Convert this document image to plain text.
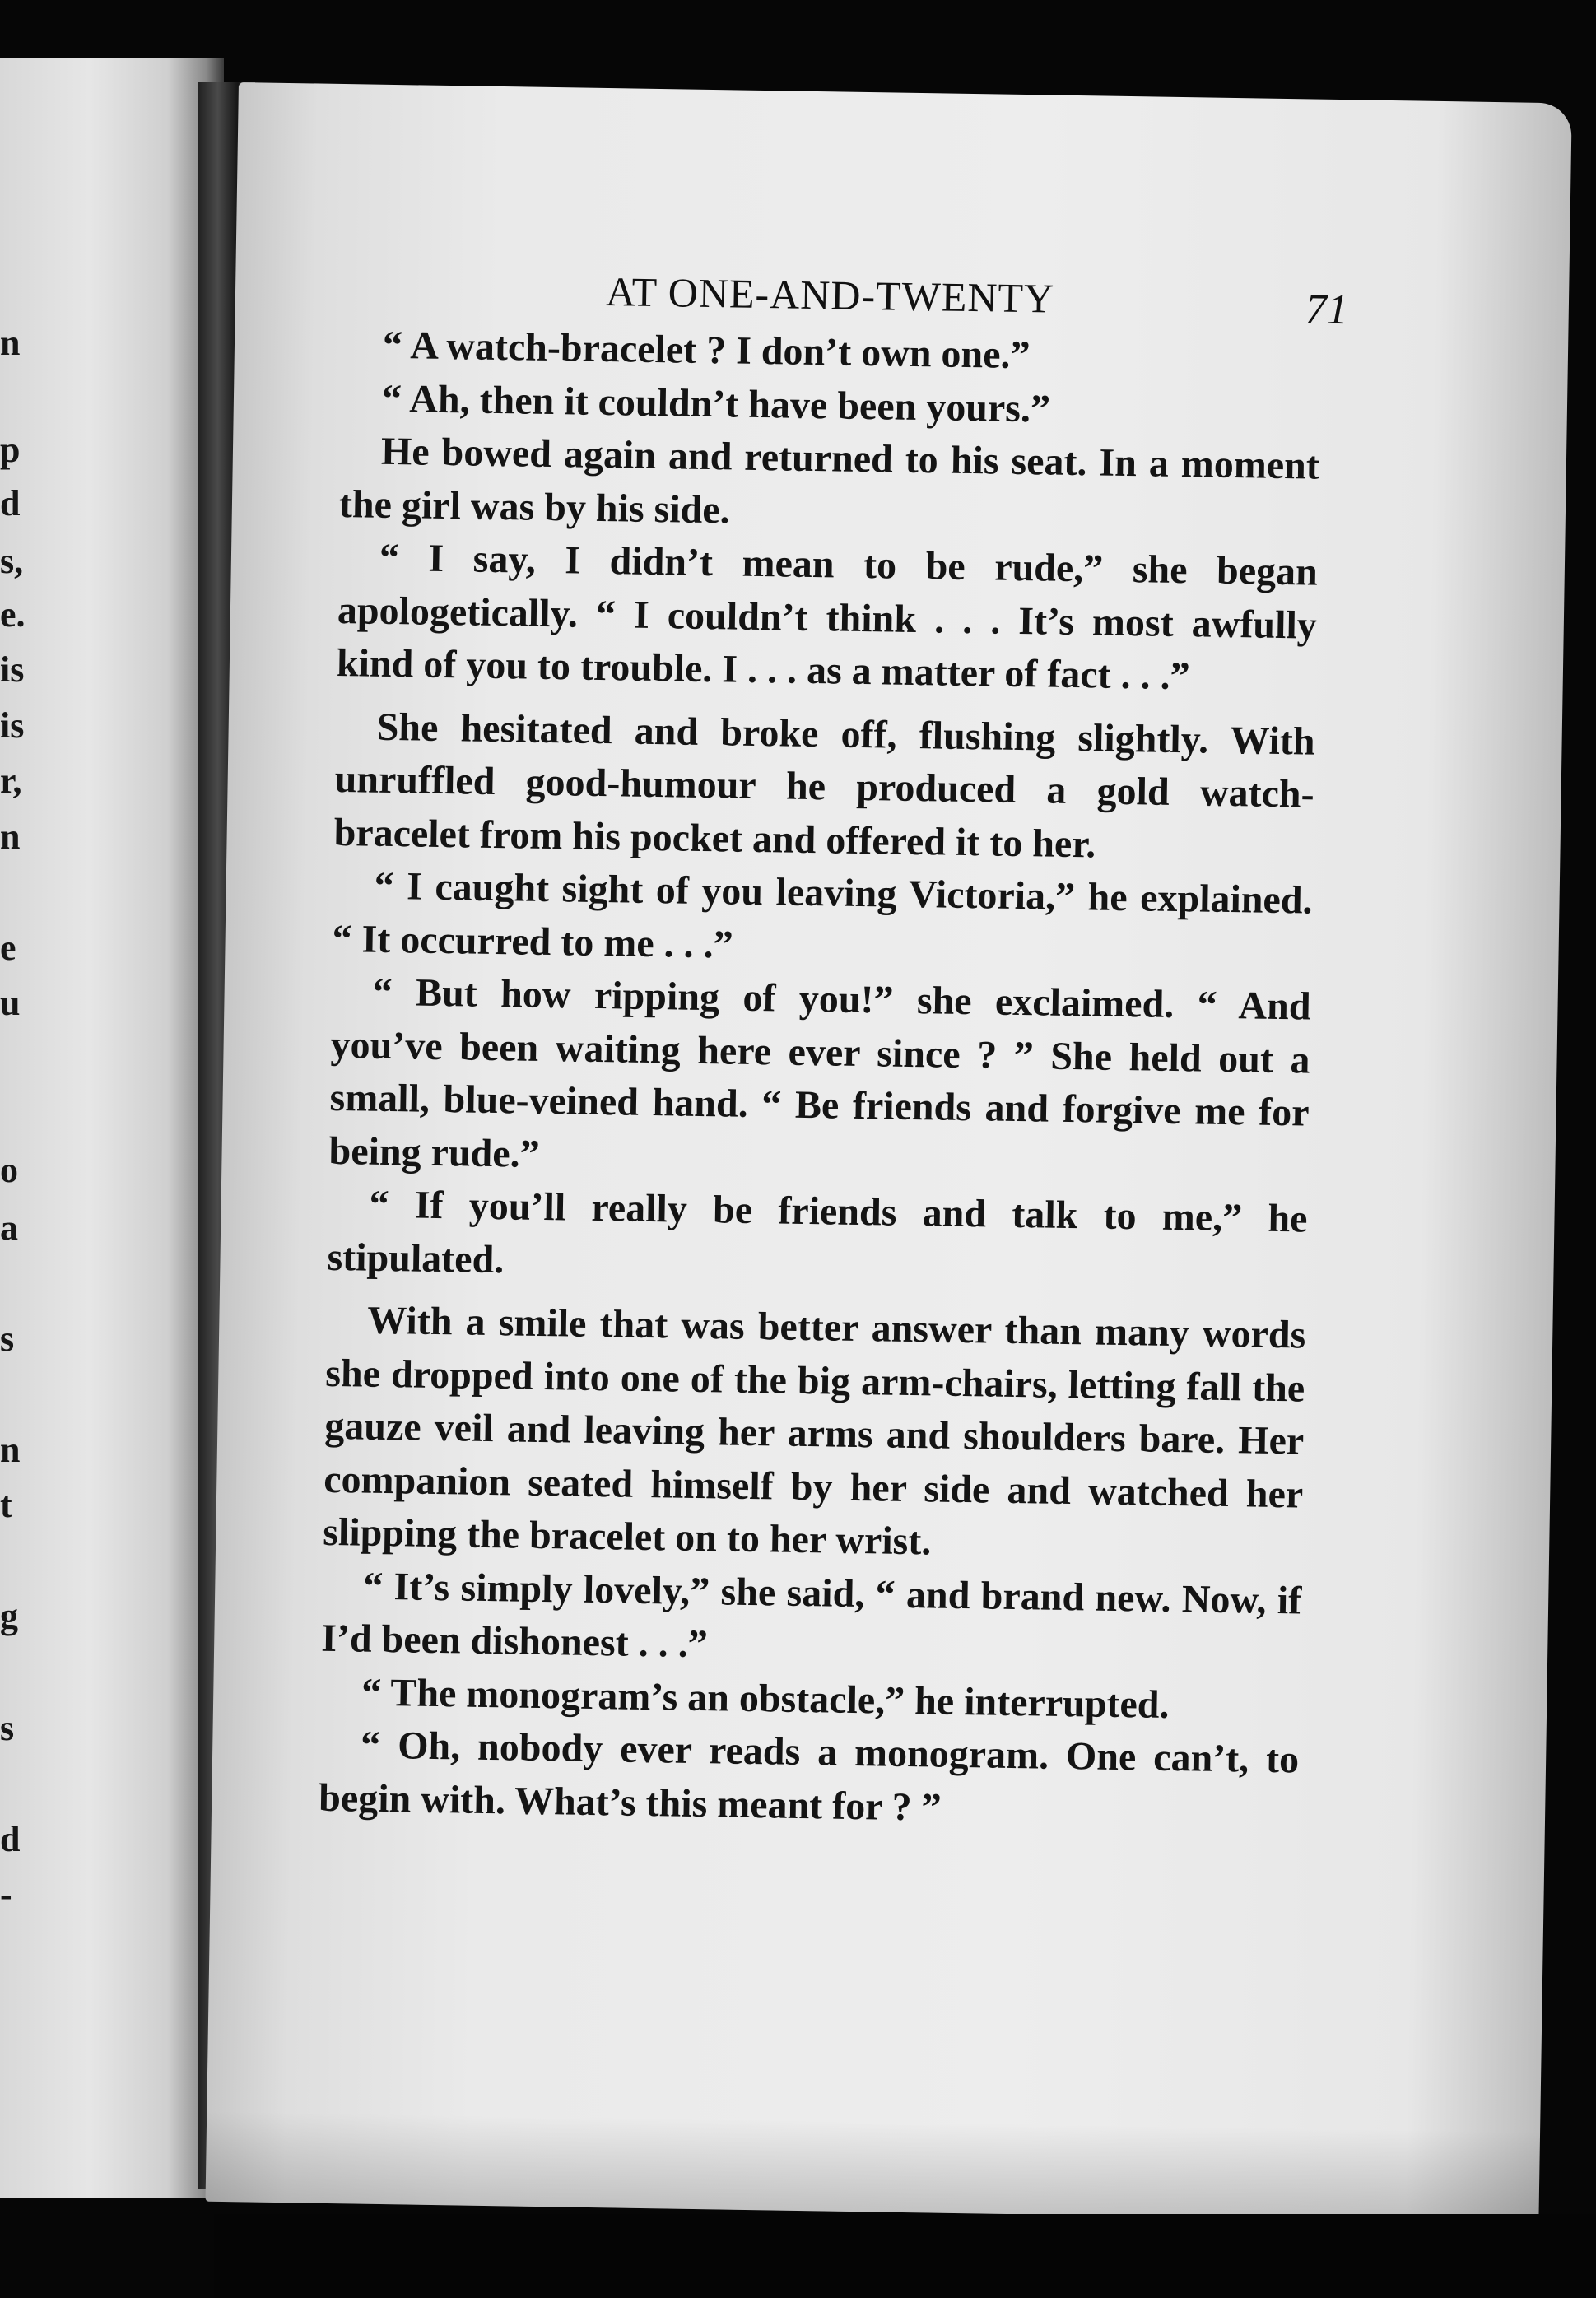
n
p
d
s,
e.
is
is
r,
n
e
u
o
a
s
n
t
g
s
d
-
AT ONE-AND-TWENTY	71

“ A watch-bracelet ? I don’t own one.”

“ Ah, then it couldn’t have been yours.”

He bowed again and returned to his seat. In a moment the girl was by his side.

“ I say, I didn’t mean to be rude,” she began apologetically. “ I couldn’t think . . . It’s most awfully kind of you to trouble. I . . . as a matter of fact . . .”

She hesitated and broke off, flushing slightly. With unruffled good-humour he produced a gold watch-bracelet from his pocket and offered it to her.

“ I caught sight of you leaving Victoria,” he explained. “ It occurred to me . . .”

“ But how ripping of you!” she exclaimed. “ And you’ve been waiting here ever since ? ” She held out a small, blue-veined hand. “ Be friends and forgive me for being rude.”

“ If you’ll really be friends and talk to me,” he stipulated.

With a smile that was better answer than many words she dropped into one of the big arm-chairs, letting fall the gauze veil and leaving her arms and shoulders bare. Her companion seated himself by her side and watched her slipping the bracelet on to her wrist.

“ It’s simply lovely,” she said, “ and brand new. Now, if I’d been dishonest . . .”

“ The monogram’s an obstacle,” he interrupted.

“ Oh, nobody ever reads a monogram. One can’t, to begin with. What’s this meant for ? ”
